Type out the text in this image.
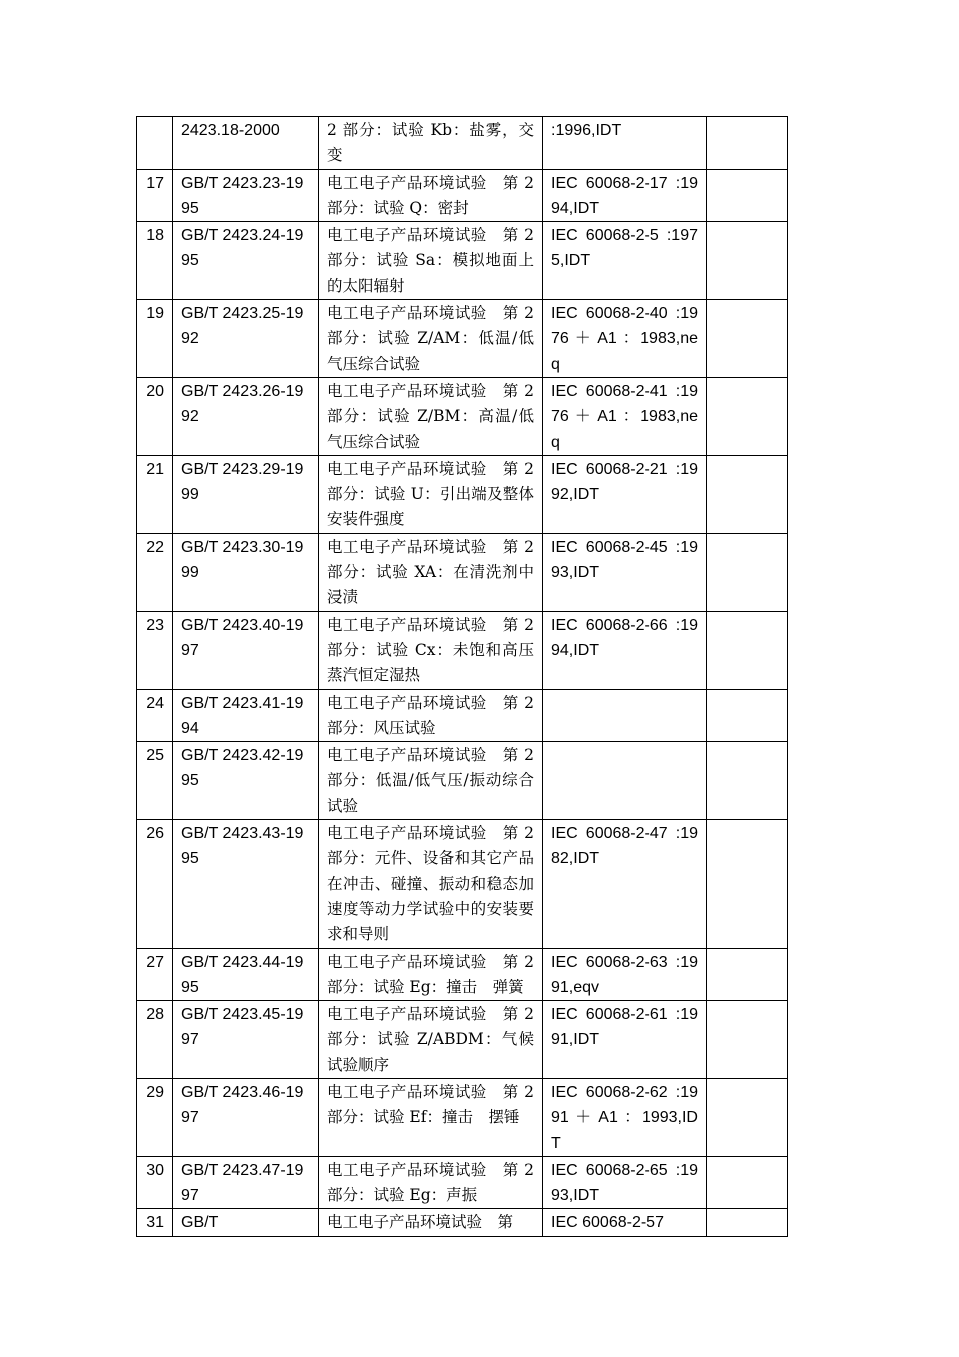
	2423.18-2000	2 部分：试验 Kb：盐雾，交变	:1996,IDT	
17	GB/T 2423.23-1995	电工电子产品环境试验　第 2 部分：试验 Q：密封	IEC 60068-2-17 :1994,IDT	
18	GB/T 2423.24-1995	电工电子产品环境试验　第 2 部分：试验 Sa：模拟地面上的太阳辐射	IEC 60068-2-5 :1975,IDT	
19	GB/T 2423.25-1992	电工电子产品环境试验　第 2 部分：试验 Z/AM：低温/低气压综合试验	IEC 60068-2-40 :1976 ＋ A1 ：1983,neq	
20	GB/T 2423.26-1992	电工电子产品环境试验　第 2 部分：试验 Z/BM：高温/低气压综合试验	IEC 60068-2-41 :1976 ＋ A1 ：1983,neq	
21	GB/T 2423.29-1999	电工电子产品环境试验　第 2 部分：试验 U：引出端及整体安装件强度	IEC 60068-2-21 :1992,IDT	
22	GB/T 2423.30-1999	电工电子产品环境试验　第 2 部分：试验 XA：在清洗剂中浸渍	IEC 60068-2-45 :1993,IDT	
23	GB/T 2423.40-1997	电工电子产品环境试验　第 2 部分：试验 Cx：未饱和高压蒸汽恒定湿热	IEC 60068-2-66 :1994,IDT	
24	GB/T 2423.41-1994	电工电子产品环境试验　第 2 部分：风压试验		
25	GB/T 2423.42-1995	电工电子产品环境试验　第 2 部分：低温/低气压/振动综合试验		
26	GB/T 2423.43-1995	电工电子产品环境试验　第 2 部分：元件、设备和其它产品在冲击、碰撞、振动和稳态加速度等动力学试验中的安装要求和导则	IEC 60068-2-47 :1982,IDT	
27	GB/T 2423.44-1995	电工电子产品环境试验　第 2 部分：试验 Eg：撞击　弹簧	IEC 60068-2-63 :1991,eqv	
28	GB/T 2423.45-1997	电工电子产品环境试验　第 2 部分：试验 Z/ABDM：气候试验顺序	IEC 60068-2-61 :1991,IDT	
29	GB/T 2423.46-1997	电工电子产品环境试验　第 2 部分：试验 Ef：撞击　摆锤	IEC 60068-2-62 :1991 ＋ A1 ：1993,IDT	
30	GB/T 2423.47-1997	电工电子产品环境试验　第 2 部分：试验 Eg：声振	IEC 60068-2-65 :1993,IDT	
31	GB/T	电工电子产品环境试验　第	IEC 60068-2-57	
